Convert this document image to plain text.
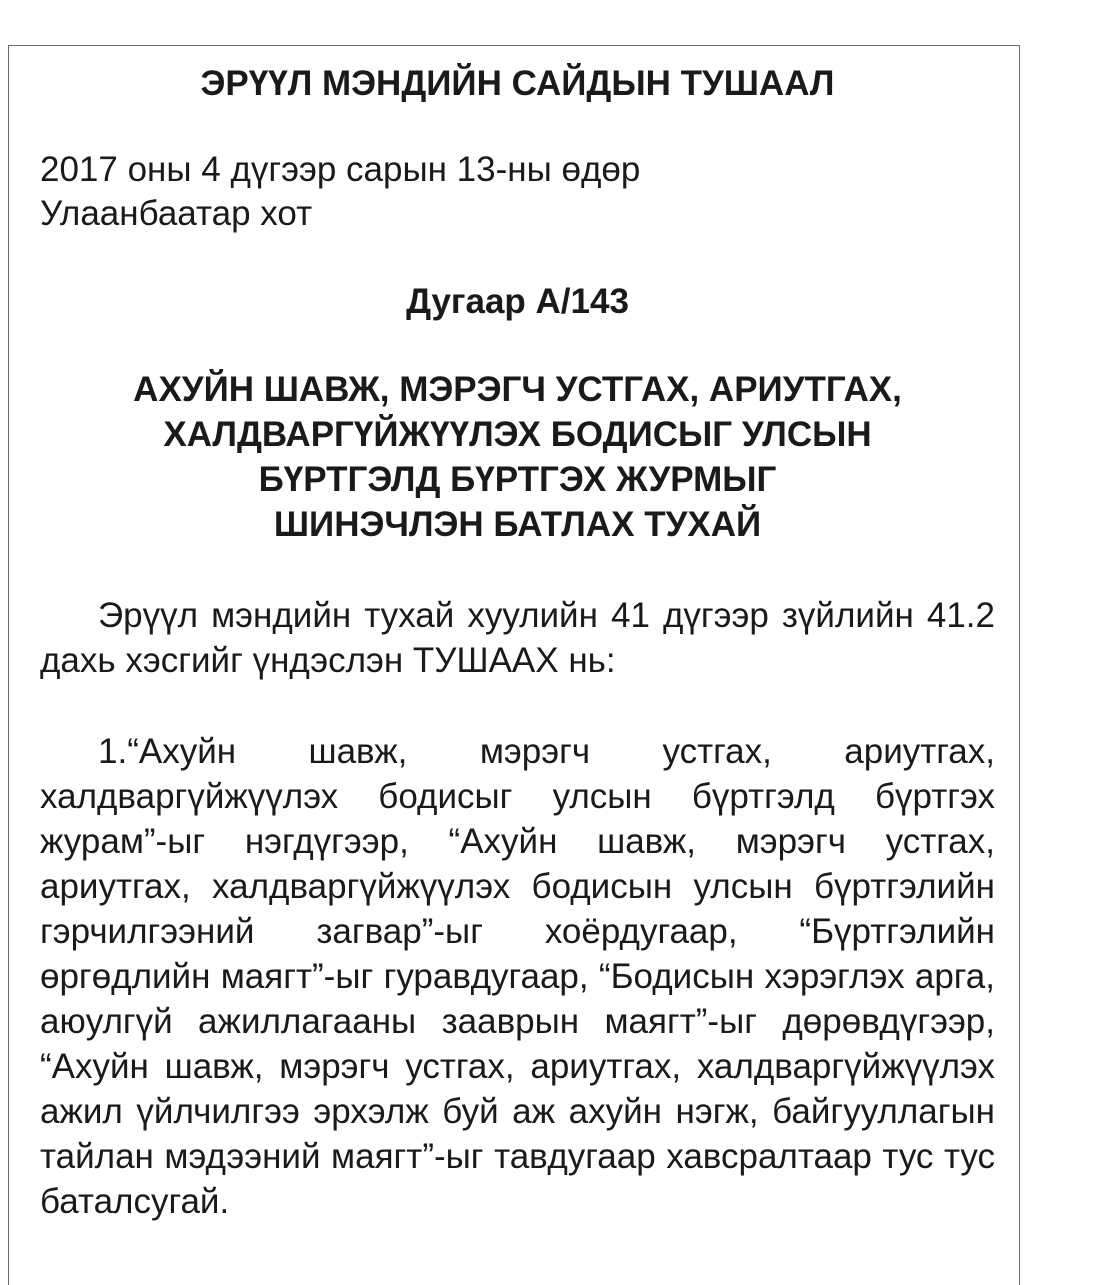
ЭРҮҮЛ МЭНДИЙН САЙДЫН ТУШААЛ
2017 оны 4 дүгээр сарын 13-ны өдөр
Улаанбаатар хот
Дугаар А/143
АХУЙН ШАВЖ, МЭРЭГЧ УСТГАХ, АРИУТГАХ,
ХАЛДВАРГҮЙЖҮҮЛЭХ БОДИСЫГ УЛСЫН
БҮРТГЭЛД БҮРТГЭХ ЖУРМЫГ
ШИНЭЧЛЭН БАТЛАХ ТУХАЙ

Эрүүл мэндийн тухай хуулийн 41 дүгээр зүйлийн 41.2 дахь хэсгийг үндэслэн ТУШААХ нь:

1.“Ахуйн шавж, мэрэгч устгах, ариутгах, халдваргүйжүүлэх бодисыг улсын бүртгэлд бүртгэх журам”-ыг нэгдүгээр, “Ахуйн шавж, мэрэгч устгах, ариутгах, халдваргүйжүүлэх бодисын улсын бүртгэлийн гэрчилгээний загвар”-ыг хоёрдугаар, “Бүртгэлийн өргөдлийн маягт”-ыг гуравдугаар, “Бодисын хэрэглэх арга, аюулгүй ажиллагааны зааврын маягт”-ыг дөрөвдүгээр, “Ахуйн шавж, мэрэгч устгах, ариутгах, халдваргүйжүүлэх ажил үйлчилгээ эрхэлж буй аж ахуйн нэгж, байгууллагын тайлан мэдээний маягт”-ыг тавдугаар хавсралтаар тус тус баталсугай.
